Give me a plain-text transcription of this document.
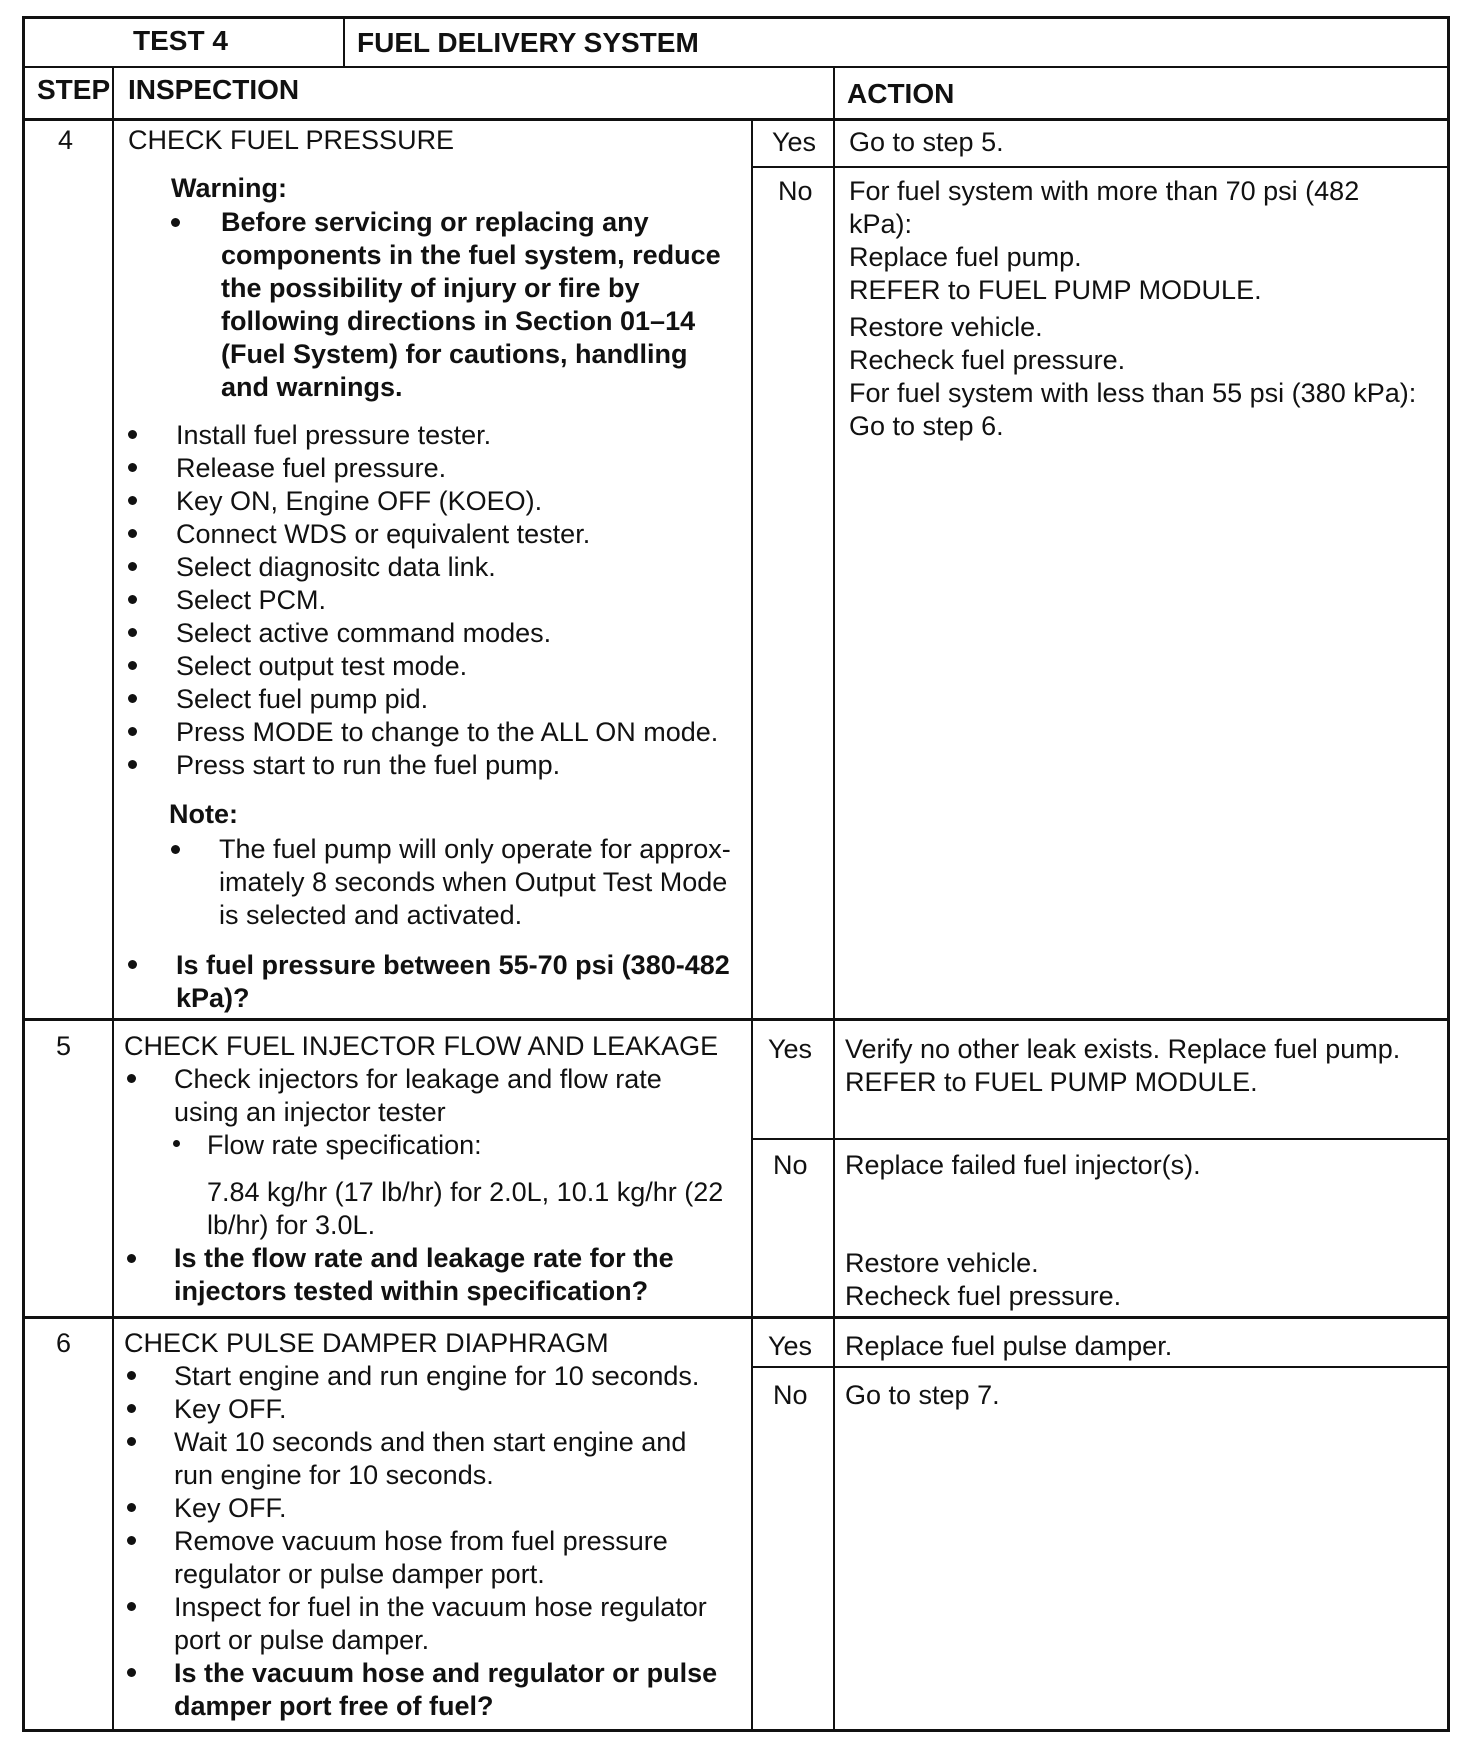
TEST 4	FUEL DELIVERY SYSTEM
STEP INSPECTION	ACTION
4 CHECK FUEL PRESSURE
Warning:
Before servicing or replacing any
components in the fuel system, reduce
the possibility of injury or fire by
following directions in Section 01–14
(Fuel System) for cautions, handling
and warnings.
Install fuel pressure tester.
Release fuel pressure.
Key ON, Engine OFF (KOEO).
Connect WDS or equivalent tester.
Select diagnositc data link.
Select PCM.
Select active command modes.
Select output test mode.
Select fuel pump pid.
Press MODE to change to the ALL ON mode.
Press start to run the fuel pump.
Note:
The fuel pump will only operate for approx-
imately 8 seconds when Output Test Mode
is selected and activated.
Is fuel pressure between 55-70 psi (380-482
kPa)?
Yes Go to step 5.
No For fuel system with more than 70 psi (482
kPa):
Replace fuel pump.
REFER to FUEL PUMP MODULE.
Restore vehicle.
Recheck fuel pressure.
For fuel system with less than 55 psi (380 kPa):
Go to step 6.
5 CHECK FUEL INJECTOR FLOW AND LEAKAGE
Check injectors for leakage and flow rate
using an injector tester
Flow rate specification:
7.84 kg/hr (17 lb/hr) for 2.0L, 10.1 kg/hr (22
lb/hr) for 3.0L.
Is the flow rate and leakage rate for the
injectors tested within specification?
Yes Verify no other leak exists. Replace fuel pump.
REFER to FUEL PUMP MODULE.
No Replace failed fuel injector(s).
Restore vehicle.
Recheck fuel pressure.
6 CHECK PULSE DAMPER DIAPHRAGM
Start engine and run engine for 10 seconds.
Key OFF.
Wait 10 seconds and then start engine and
run engine for 10 seconds.
Key OFF.
Remove vacuum hose from fuel pressure
regulator or pulse damper port.
Inspect for fuel in the vacuum hose regulator
port or pulse damper.
Is the vacuum hose and regulator or pulse
damper port free of fuel?
Yes Replace fuel pulse damper.
No Go to step 7.
